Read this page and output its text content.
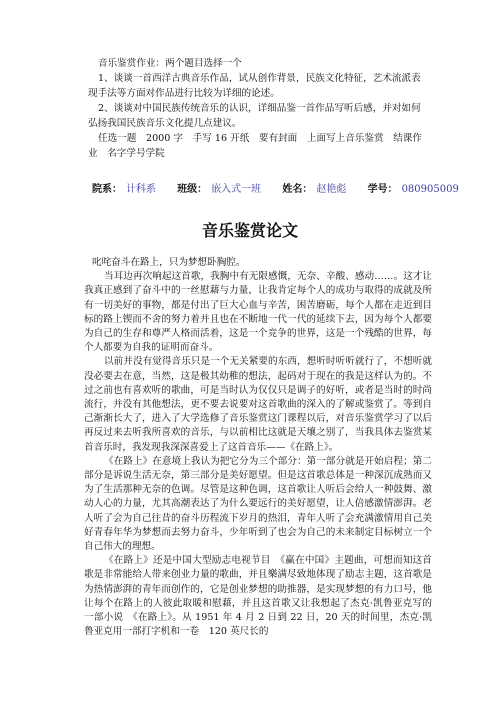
音乐鉴赏作业：两个题目选择一个

1、谈谈一首西洋古典音乐作品，试从创作背景，民族文化特征，艺术流派表现手法等方面对作品进行比较为详细的论述。

2、谈谈对中国民族传统音乐的认识，详细品鉴一首作品写听后感，并对如何弘扬我国民族音乐文化提几点建议。

任选一题　2000 字　手写 16 开纸　要有封面　上面写上音乐鉴赏　结课作业　名字学号学院

院系： 计科系 班级： 嵌入式一班 姓名： 赵艳彪 学号： 080905009
音乐鉴赏论文

叱咤奋斗在路上，只为梦想卧胸腔。

当耳边再次响起这首歌，我胸中有无限感慨，无奈、辛酸、感动……。这才让我真正感到了奋斗中的一丝慰藉与力量，让我肯定每个人的成功与取得的成就及所有一切美好的事物，都是付出了巨大心血与辛苦，困苦磨砺，每个人都在走近到目标的路上锲而不舍的努力着并且也在不断地一代一代的延续下去，因为每个人都要为自己的生存和尊严人格而活着，这是一个竞争的世界，这是一个残酷的世界，每个人都要为自我的证明而奋斗。

以前并没有觉得音乐只是一个无关紧要的东西，想听时听听就行了，不想听就没必要去在意，当然，这是极其幼稚的想法，起码对于现在的我是这样认为的。不过之前也有喜欢听的歌曲，可是当时认为仅仅只是调子的好听，或者是当时的时尚流行，并没有其他想法，更不要去说要对这首歌曲的深入的了解或鉴赏了。等到自己渐渐长大了，进入了大学选修了音乐鉴赏这门课程以后，对音乐鉴赏学习了以后再反过来去听我所喜欢的音乐，与以前相比这就是天壤之别了，当我具体去鉴赏某首音乐时，我发现我深深喜爱上了这首音乐——《在路上》。

《在路上》在意境上我认为把它分为三个部分：第一部分就是开始启程；第二部分是诉说生活无奈，第三部分是美好愿望。但是这首歌总体是一种深沉成熟而又为了生活那种无奈的色调。尽管是这种色调，这首歌让人听后会给人一种鼓舞、激动人心的力量，尤其高潮表达了为什么要远行的美好愿望，让人倍感激情澎湃。老人听了会为自己往昔的奋斗历程流下岁月的热泪，青年人听了会充满激情用自己美好青春年华为梦想而去努力奋斗，少年听到了也会为自己的未来制定目标树立一个自己伟大的理想。

《在路上》还是中国大型励志电视节目　《赢在中国》主题曲，可想而知这首歌是非常能给人带来创业力量的歌曲，并且樂满尽致地体现了励志主题，这首歌是为热情澎湃的青年而创作的，它是创业梦想的助推器，是实现梦想的有力口号，他让每个在路上的人彼此取暖和慰藉，并且这首歌又让我想起了杰克·凯鲁亚克写的一部小说　《在路上》。从 1951 年 4 月 2 日到 22 日，20 天的时间里，杰克·凯鲁亚克用一部打字机和一卷　120 英尺长的
